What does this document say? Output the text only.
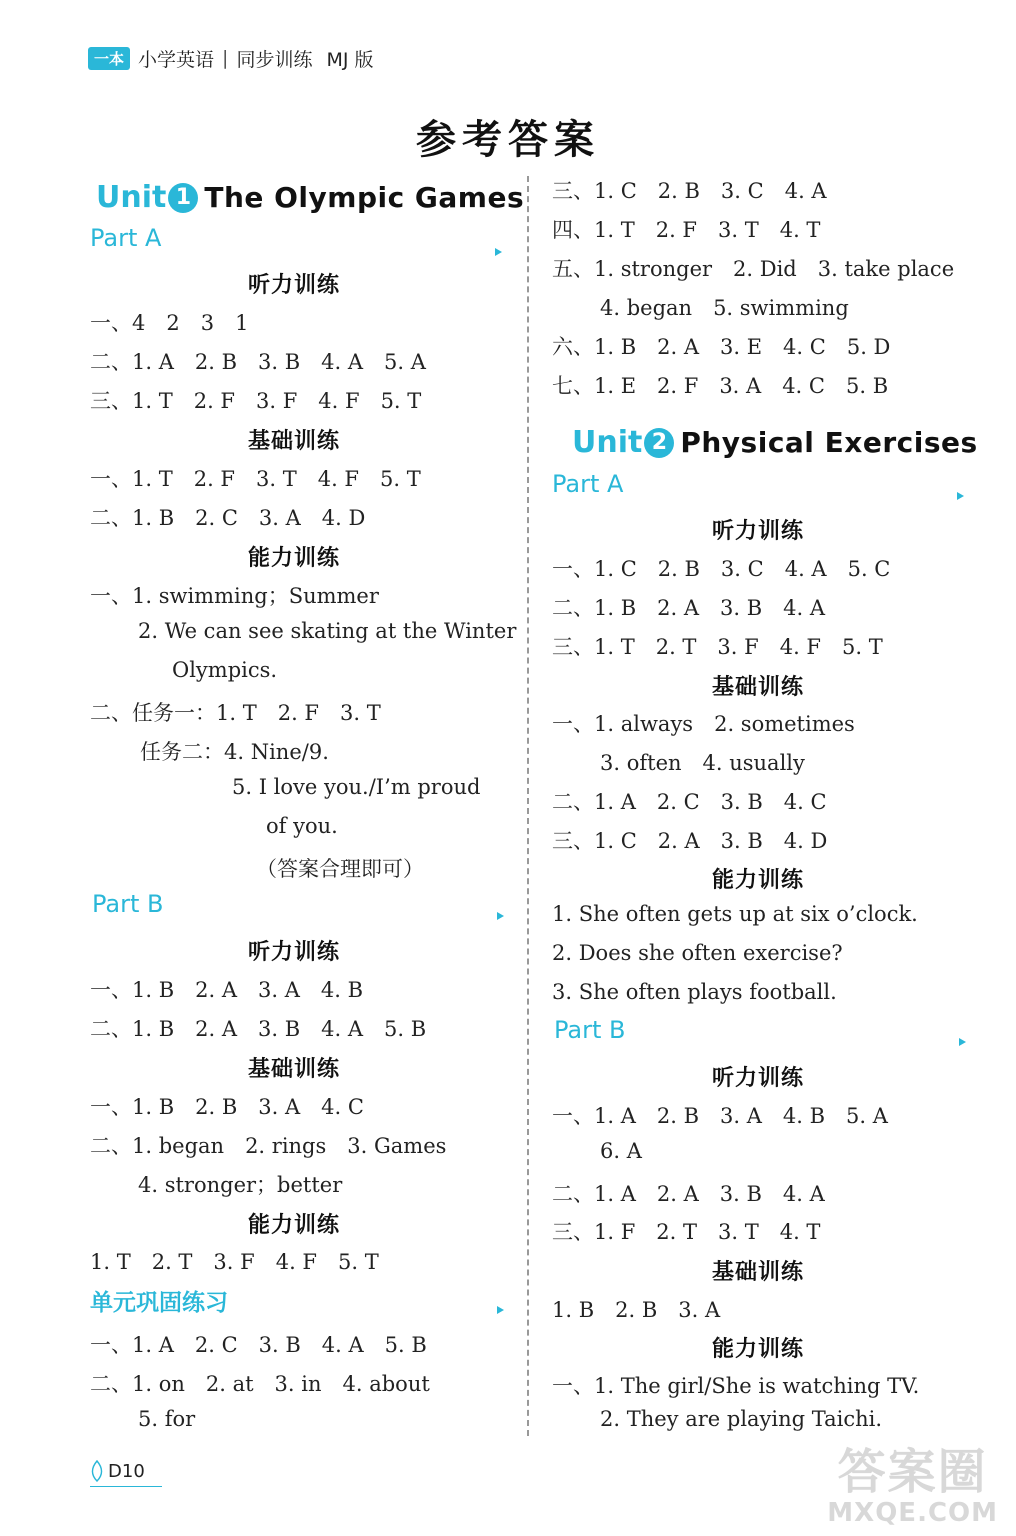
一本 小学英语 | 同步训练 MJ 版
参考答案
Unit 1 The Olympic Games
Part A
听力训练
一、4　2　3　1
二、1. A　2. B　3. B　4. A　5. A
三、1. T　2. F　3. F　4. F　5. T
基础训练
一、1. T　2. F　3. T　4. F　5. T
二、1. B　2. C　3. A　4. D
能力训练
一、1. swimming；Summer
2. We can see skating at the Winter
Olympics.
二、任务一：1. T　2. F　3. T
任务二：4. Nine/9.
5. I love you./I’m proud
of you.
（答案合理即可）
Part B
听力训练
一、1. B　2. A　3. A　4. B
二、1. B　2. A　3. B　4. A　5. B
基础训练
一、1. B　2. B　3. A　4. C
二、1. began　2. rings　3. Games
4. stronger；better
能力训练
1. T　2. T　3. F　4. F　5. T
单元巩固练习
一、1. A　2. C　3. B　4. A　5. B
二、1. on　2. at　3. in　4. about
5. for
三、1. C　2. B　3. C　4. A
四、1. T　2. F　3. T　4. T
五、1. stronger　2. Did　3. take place
4. began　5. swimming
六、1. B　2. A　3. E　4. C　5. D
七、1. E　2. F　3. A　4. C　5. B
Unit 2 Physical Exercises
Part A
听力训练
一、1. C　2. B　3. C　4. A　5. C
二、1. B　2. A　3. B　4. A
三、1. T　2. T　3. F　4. F　5. T
基础训练
一、1. always　2. sometimes
3. often　4. usually
二、1. A　2. C　3. B　4. C
三、1. C　2. A　3. B　4. D
能力训练
1. She often gets up at six o’clock.
2. Does she often exercise?
3. She often plays football.
Part B
听力训练
一、1. A　2. B　3. A　4. B　5. A
6. A
二、1. A　2. A　3. B　4. A
三、1. F　2. T　3. T　4. T
基础训练
1. B　2. B　3. A
能力训练
一、1. The girl/She is watching TV.
2. They are playing Taichi.
D10	答案圈
MXQE.COM
